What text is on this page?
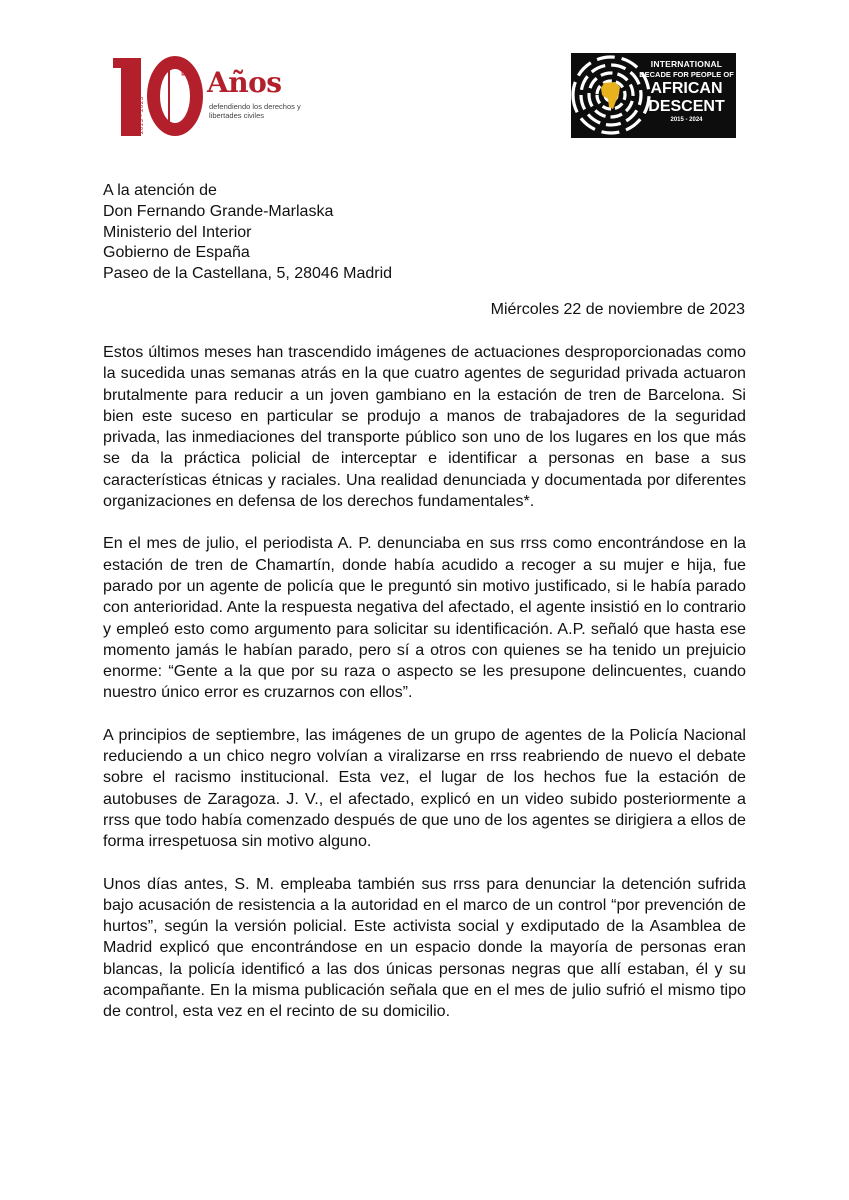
2013 - 2023
rIs Años
defendiendo los derechos y libertades civiles
INTERNATIONAL
DECADE FOR PEOPLE OF
AFRICAN
DESCENT
2015 - 2024
A la atención de
Don Fernando Grande-Marlaska
Ministerio del Interior
Gobierno de España
Paseo de la Castellana, 5, 28046 Madrid
Miércoles 22 de noviembre de 2023

Estos últimos meses han trascendido imágenes de actuaciones desproporcionadas como la sucedida unas semanas atrás en la que cuatro agentes de seguridad privada actuaron brutalmente para reducir a un joven gambiano en la estación de tren de Barcelona. Si bien este suceso en particular se produjo a manos de trabajadores de la seguridad privada, las inmediaciones del transporte público son uno de los lugares en los que más se da la práctica policial de interceptar e identificar a personas en base a sus características étnicas y raciales. Una realidad denunciada y documentada por diferentes organizaciones en defensa de los derechos fundamentales*.

En el mes de julio, el periodista A. P. denunciaba en sus rrss como encontrándose en la estación de tren de Chamartín, donde había acudido a recoger a su mujer e hija, fue parado por un agente de policía que le preguntó sin motivo justificado, si le había parado con anterioridad. Ante la respuesta negativa del afectado, el agente insistió en lo contrario y empleó esto como argumento para solicitar su identificación. A.P. señaló que hasta ese momento jamás le habían parado, pero sí a otros con quienes se ha tenido un prejuicio enorme: “Gente a la que por su raza o aspecto se les presupone delincuentes, cuando nuestro único error es cruzarnos con ellos”.

A principios de septiembre, las imágenes de un grupo de agentes de la Policía Nacional reduciendo a un chico negro volvían a viralizarse en rrss reabriendo de nuevo el debate sobre el racismo institucional. Esta vez, el lugar de los hechos fue la estación de autobuses de Zaragoza. J. V., el afectado, explicó en un video subido posteriormente a rrss que todo había comenzado después de que uno de los agentes se dirigiera a ellos de forma irrespetuosa sin motivo alguno.

Unos días antes, S. M. empleaba también sus rrss para denunciar la detención sufrida bajo acusación de resistencia a la autoridad en el marco de un control “por prevención de hurtos”, según la versión policial. Este activista social y exdiputado de la Asamblea de Madrid explicó que encontrándose en un espacio donde la mayoría de personas eran blancas, la policía identificó a las dos únicas personas negras que allí estaban, él y su acompañante. En la misma publicación señala que en el mes de julio sufrió el mismo tipo de control, esta vez en el recinto de su domicilio.
